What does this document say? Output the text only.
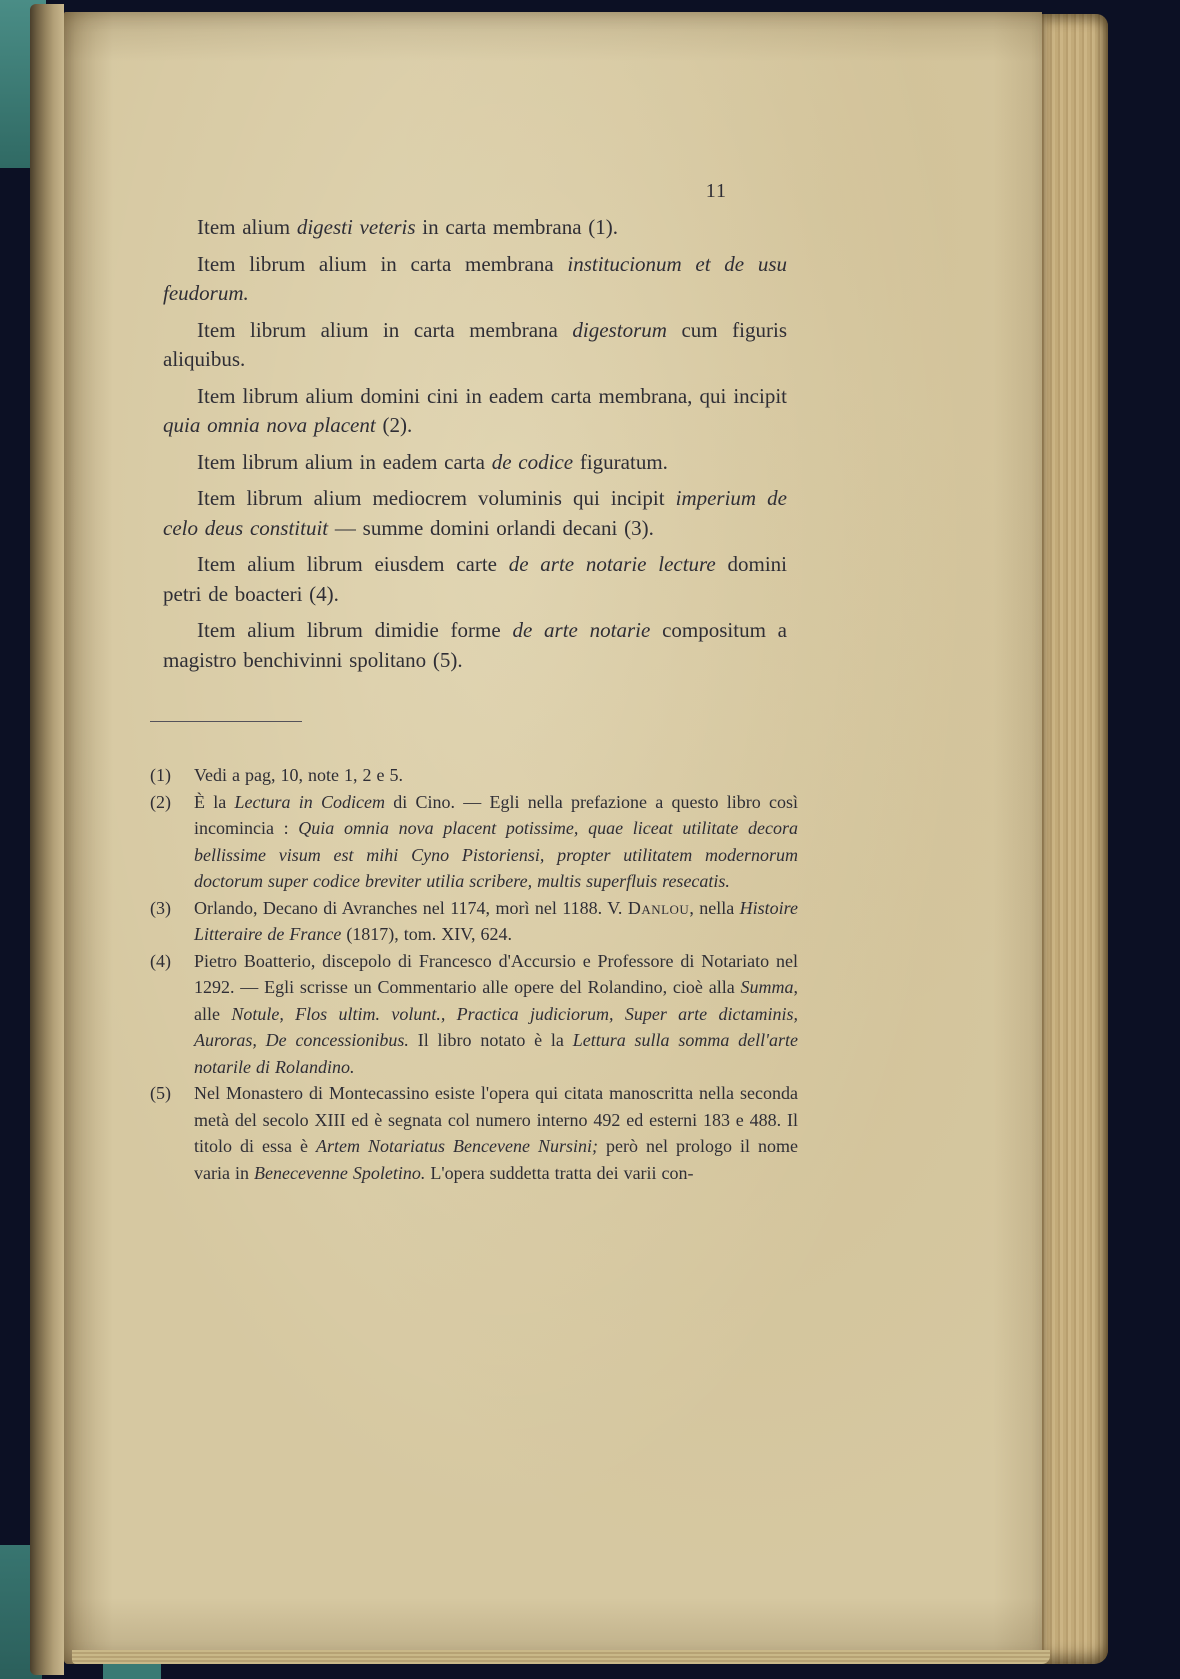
11

Item alium digesti veteris in carta membrana (1).

Item librum alium in carta membrana institucionum et de usu feudorum.

Item librum alium in carta membrana digestorum cum figuris aliquibus.

Item librum alium domini cini in eadem carta membrana, qui incipit quia omnia nova placent (2).

Item librum alium in eadem carta de codice figuratum.

Item librum alium mediocrem voluminis qui incipit imperium de celo deus constituit — summe domini orlandi decani (3).

Item alium librum eiusdem carte de arte notarie lecture domini petri de boacteri (4).

Item alium librum dimidie forme de arte notarie compositum a magistro benchivinni spolitano (5).

(1) Vedi a pag, 10, note 1, 2 e 5.
(2) È la Lectura in Codicem di Cino. — Egli nella prefazione a questo libro così incomincia : Quia omnia nova placent potissime, quae liceat utilitate decora bellissime visum est mihi Cyno Pistoriensi, propter utilitatem modernorum doctorum super codice breviter utilia scribere, multis superfluis resecatis.
(3) Orlando, Decano di Avranches nel 1174, morì nel 1188. V. Danlou, nella Histoire Litteraire de France (1817), tom. XIV, 624.
(4) Pietro Boatterio, discepolo di Francesco d'Accursio e Professore di Notariato nel 1292. — Egli scrisse un Commentario alle opere del Rolandino, cioè alla Summa, alle Notule, Flos ultim. volunt., Practica judiciorum, Super arte dictaminis, Auroras, De concessionibus. Il libro notato è la Lettura sulla somma dell'arte notarile di Rolandino.
(5) Nel Monastero di Montecassino esiste l'opera qui citata manoscritta nella seconda metà del secolo XIII ed è segnata col numero interno 492 ed esterni 183 e 488. Il titolo di essa è Artem Notariatus Bencevene Nursini; però nel prologo il nome varia in Benecevenne Spoletino. L'opera suddetta tratta dei varii con-
